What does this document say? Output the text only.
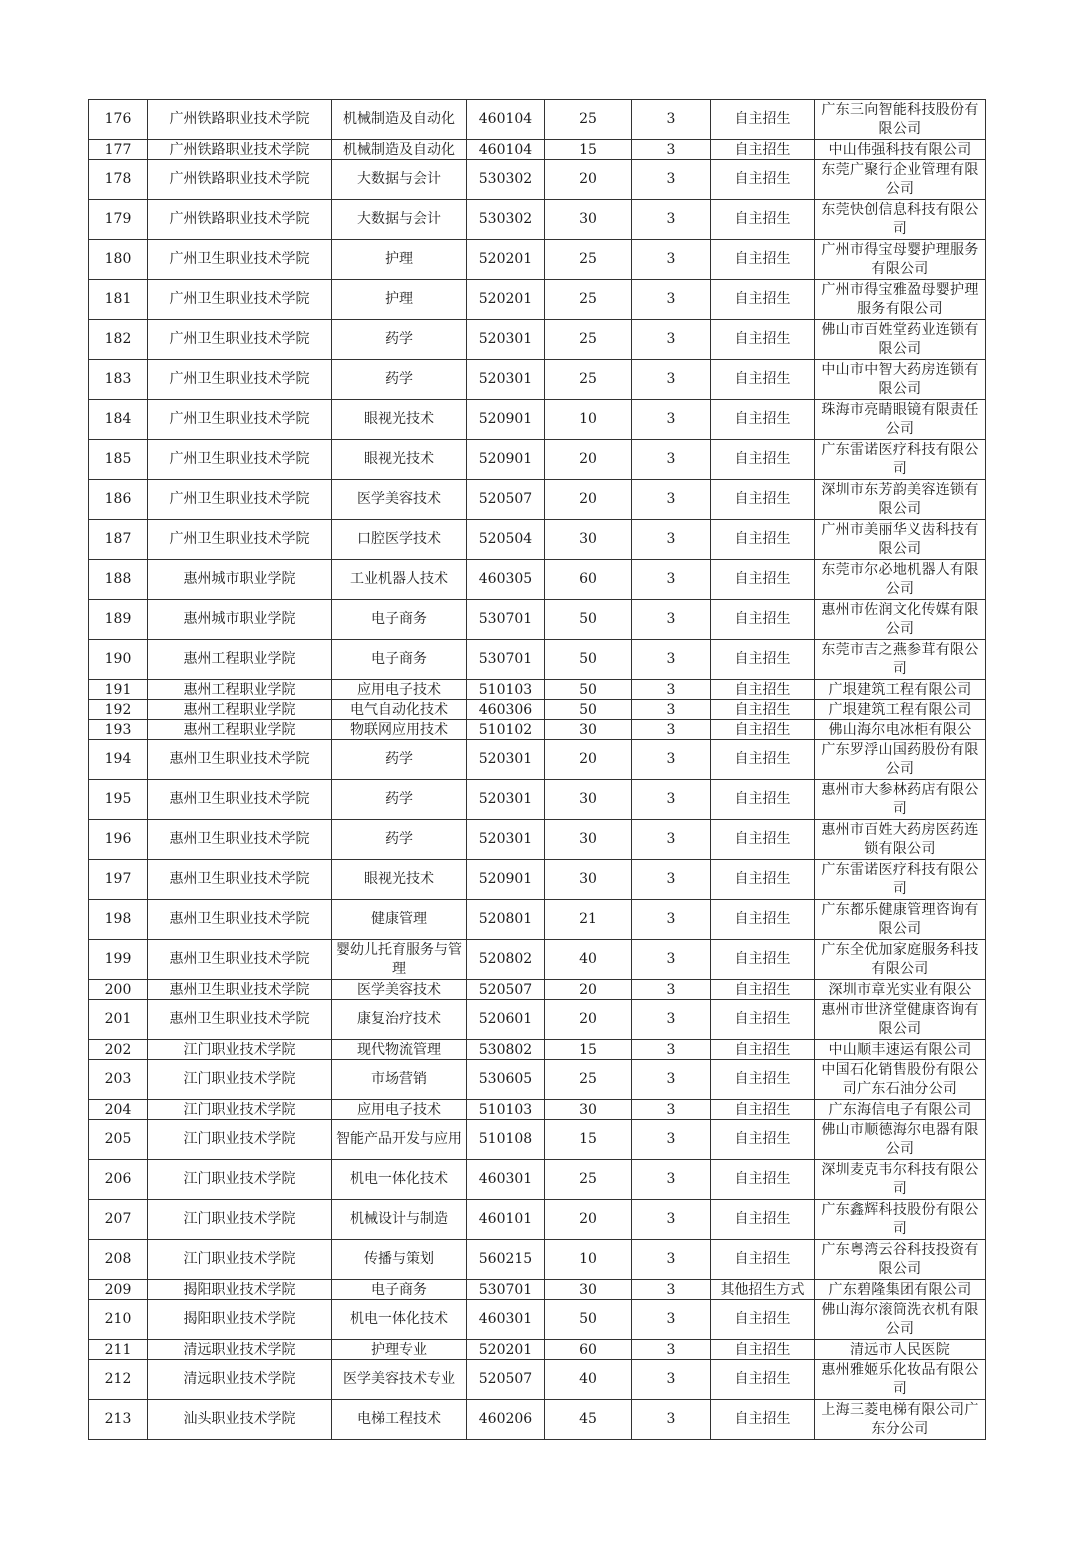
176	广州铁路职业技术学院	机械制造及自动化	460104	25	3	自主招生	广东三向智能科技股份有限公司
177	广州铁路职业技术学院	机械制造及自动化	460104	15	3	自主招生	中山伟强科技有限公司
178	广州铁路职业技术学院	大数据与会计	530302	20	3	自主招生	东莞广聚行企业管理有限公司
179	广州铁路职业技术学院	大数据与会计	530302	30	3	自主招生	东莞快创信息科技有限公司
180	广州卫生职业技术学院	护理	520201	25	3	自主招生	广州市得宝母婴护理服务有限公司
181	广州卫生职业技术学院	护理	520201	25	3	自主招生	广州市得宝雅盈母婴护理服务有限公司
182	广州卫生职业技术学院	药学	520301	25	3	自主招生	佛山市百姓堂药业连锁有限公司
183	广州卫生职业技术学院	药学	520301	25	3	自主招生	中山市中智大药房连锁有限公司
184	广州卫生职业技术学院	眼视光技术	520901	10	3	自主招生	珠海市亮睛眼镜有限责任公司
185	广州卫生职业技术学院	眼视光技术	520901	20	3	自主招生	广东雷诺医疗科技有限公司
186	广州卫生职业技术学院	医学美容技术	520507	20	3	自主招生	深圳市东芳韵美容连锁有限公司
187	广州卫生职业技术学院	口腔医学技术	520504	30	3	自主招生	广州市美丽华义齿科技有限公司
188	惠州城市职业学院	工业机器人技术	460305	60	3	自主招生	东莞市尔必地机器人有限公司
189	惠州城市职业学院	电子商务	530701	50	3	自主招生	惠州市佐润文化传媒有限公司
190	惠州工程职业学院	电子商务	530701	50	3	自主招生	东莞市吉之燕参茸有限公司
191	惠州工程职业学院	应用电子技术	510103	50	3	自主招生	广垠建筑工程有限公司
192	惠州工程职业学院	电气自动化技术	460306	50	3	自主招生	广垠建筑工程有限公司
193	惠州工程职业学院	物联网应用技术	510102	30	3	自主招生	佛山海尔电冰柜有限公
194	惠州卫生职业技术学院	药学	520301	20	3	自主招生	广东罗浮山国药股份有限公司
195	惠州卫生职业技术学院	药学	520301	30	3	自主招生	惠州市大参林药店有限公司
196	惠州卫生职业技术学院	药学	520301	30	3	自主招生	惠州市百姓大药房医药连锁有限公司
197	惠州卫生职业技术学院	眼视光技术	520901	30	3	自主招生	广东雷诺医疗科技有限公司
198	惠州卫生职业技术学院	健康管理	520801	21	3	自主招生	广东都乐健康管理咨询有限公司
199	惠州卫生职业技术学院	婴幼儿托育服务与管理	520802	40	3	自主招生	广东全优加家庭服务科技有限公司
200	惠州卫生职业技术学院	医学美容技术	520507	20	3	自主招生	深圳市章光实业有限公
201	惠州卫生职业技术学院	康复治疗技术	520601	20	3	自主招生	惠州市世济堂健康咨询有限公司
202	江门职业技术学院	现代物流管理	530802	15	3	自主招生	中山顺丰速运有限公司
203	江门职业技术学院	市场营销	530605	25	3	自主招生	中国石化销售股份有限公司广东石油分公司
204	江门职业技术学院	应用电子技术	510103	30	3	自主招生	广东海信电子有限公司
205	江门职业技术学院	智能产品开发与应用	510108	15	3	自主招生	佛山市顺德海尔电器有限公司
206	江门职业技术学院	机电一体化技术	460301	25	3	自主招生	深圳麦克韦尔科技有限公司
207	江门职业技术学院	机械设计与制造	460101	20	3	自主招生	广东鑫辉科技股份有限公司
208	江门职业技术学院	传播与策划	560215	10	3	自主招生	广东粤湾云谷科技投资有限公司
209	揭阳职业技术学院	电子商务	530701	30	3	其他招生方式	广东碧隆集团有限公司
210	揭阳职业技术学院	机电一体化技术	460301	50	3	自主招生	佛山海尔滚筒洗衣机有限公司
211	清远职业技术学院	护理专业	520201	60	3	自主招生	清远市人民医院
212	清远职业技术学院	医学美容技术专业	520507	40	3	自主招生	惠州雅姬乐化妆品有限公司
213	汕头职业技术学院	电梯工程技术	460206	45	3	自主招生	上海三菱电梯有限公司广东分公司
